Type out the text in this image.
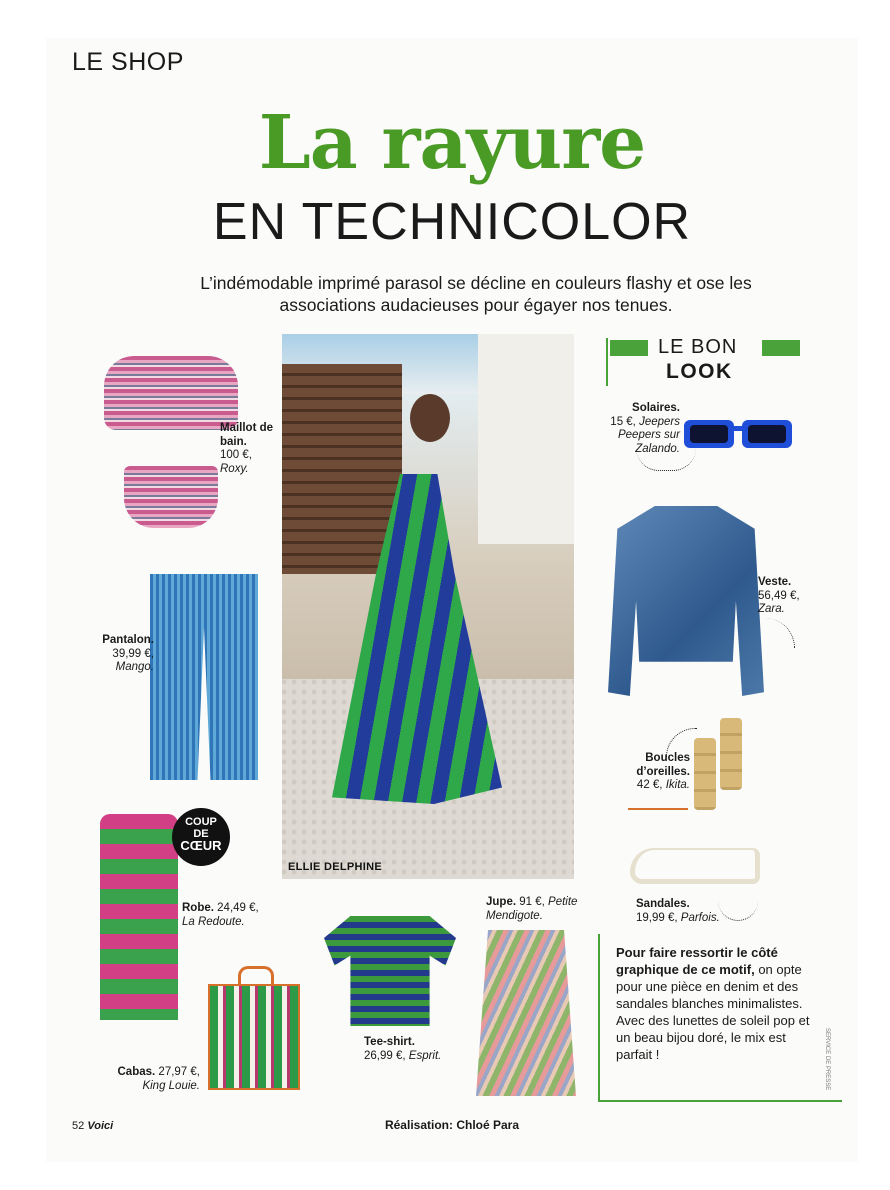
LE SHOP
La rayure
EN TECHNICOLOR
L’indémodable imprimé parasol se décline en couleurs flashy et ose les associations audacieuses pour égayer nos tenues.
ELLIE DELPHINE
Maillot de bain.
100 €,
Roxy.
Pantalon.
39,99 €,
Mango.
COUP
DE
CŒUR
Robe. 24,49 €,
La Redoute.
Cabas. 27,97 €,
King Louie.
Tee-shirt.
26,99 €, Esprit.
Jupe. 91 €, Petite Mendigote.
LE BON
LOOK
Solaires.
15 €, Jeepers Peepers sur Zalando.
Veste.
56,49 €,
Zara.
Boucles d’oreilles.
42 €, Ikita.
Sandales.
19,99 €, Parfois.
Pour faire ressortir le côté graphique de ce motif, on opte pour une pièce en denim et des sandales blanches minimalistes. Avec des lunettes de soleil pop et un beau bijou doré, le mix est parfait !
52 Voici	Réalisation: Chloé Para
SERVICE DE PRESSE
